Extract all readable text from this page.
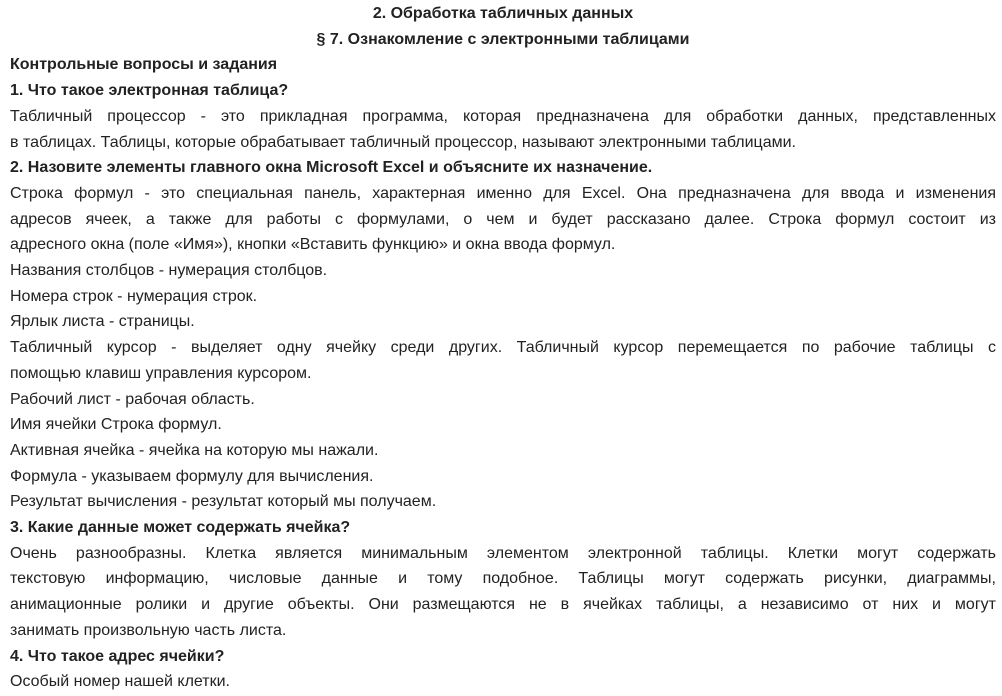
2. Обработка табличных данных
§ 7. Ознакомление с электронными таблицами
Контрольные вопросы и задания
1. Что такое электронная таблица?
Табличный процессор - это прикладная программа, которая предназначена для обработки данных, представленных
в таблицах. Таблицы, которые обрабатывает табличный процессор, называют электронными таблицами.
2. Назовите элементы главного окна Microsoft Excel и объясните их назначение.
Строка формул - это специальная панель, характерная именно для Excel. Она предназначена для ввода и изменения
адресов ячеек, а также для работы с формулами, о чем и будет рассказано далее. Строка формул состоит из
адресного окна (поле «Имя»), кнопки «Вставить функцию» и окна ввода формул.
Названия столбцов - нумерация столбцов.
Номера строк - нумерация строк.
Ярлык листа - страницы.
Табличный курсор - выделяет одну ячейку среди других. Табличный курсор перемещается по рабочие таблицы с
помощью клавиш управления курсором.
Рабочий лист - рабочая область.
Имя ячейки Строка формул.
Активная ячейка - ячейка на которую мы нажали.
Формула - указываем формулу для вычисления.
Результат вычисления - результат который мы получаем.
3. Какие данные может содержать ячейка?
Очень разнообразны. Клетка является минимальным элементом электронной таблицы. Клетки могут содержать
текстовую информацию, числовые данные и тому подобное. Таблицы могут содержать рисунки, диаграммы,
анимационные ролики и другие объекты. Они размещаются не в ячейках таблицы, а независимо от них и могут
занимать произвольную часть листа.
4. Что такое адрес ячейки?
Особый номер нашей клетки.
